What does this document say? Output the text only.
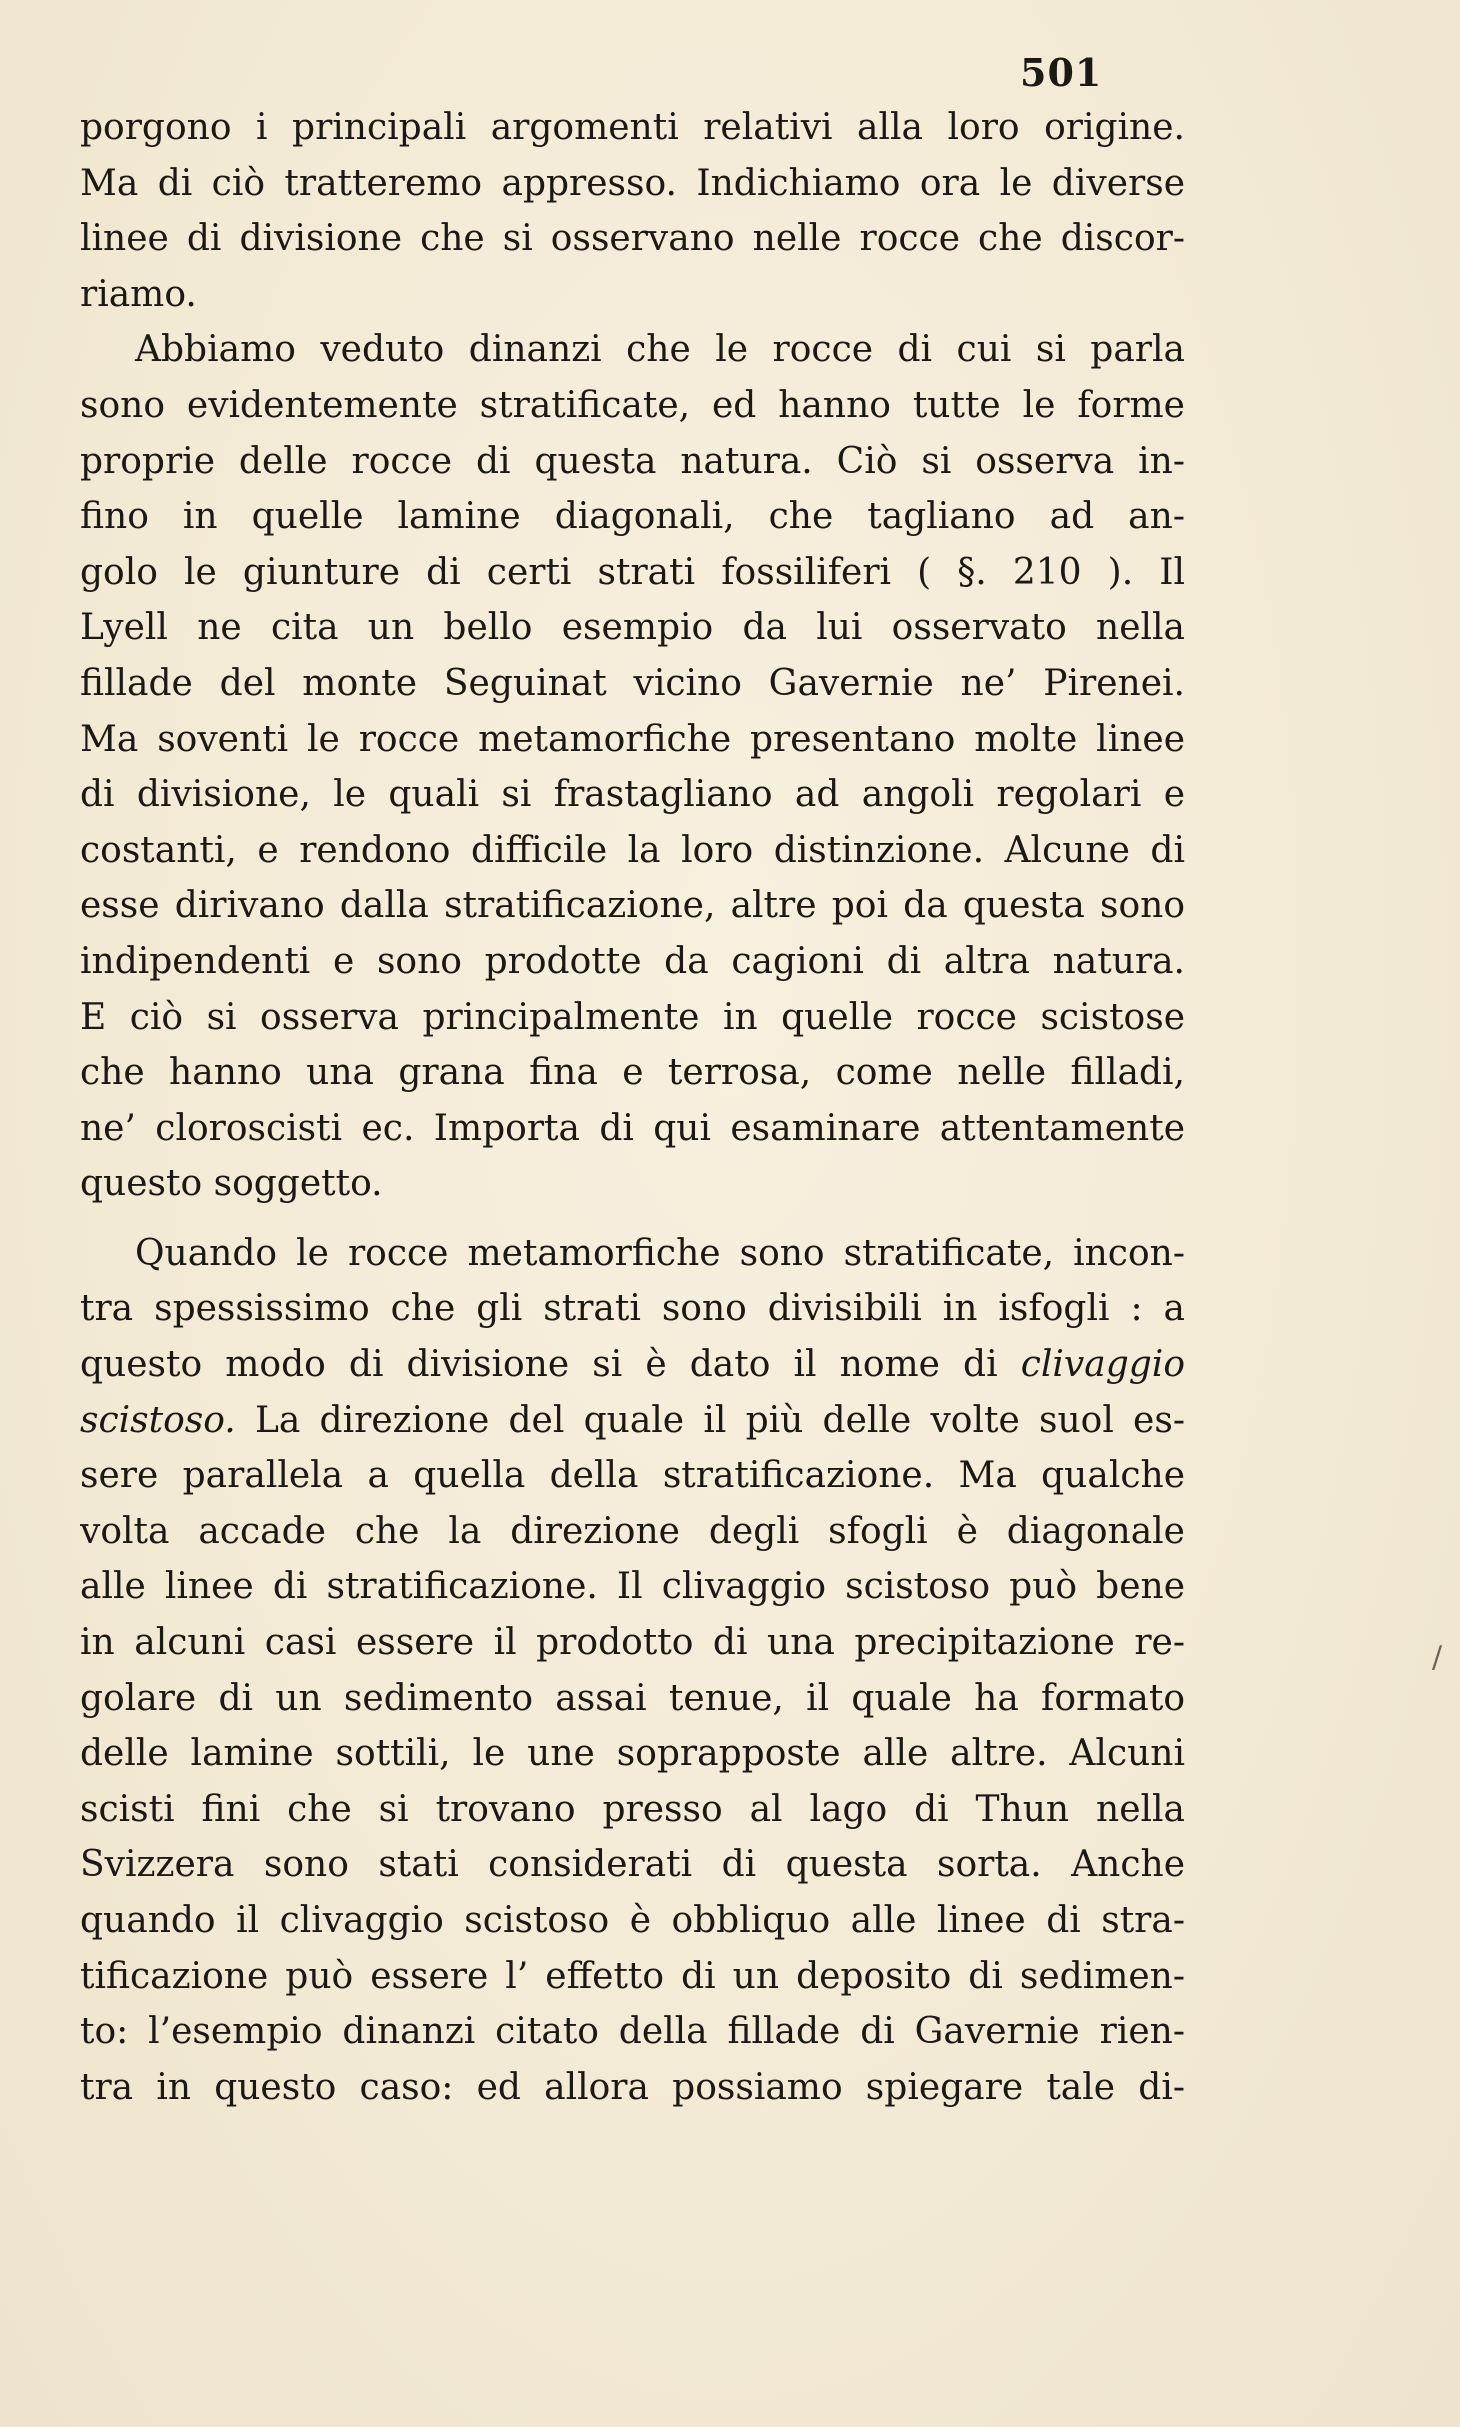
501
porgono i principali argomenti relativi alla loro origine.
Ma di ciò tratteremo appresso. Indichiamo ora le diverse
linee di divisione che si osservano nelle rocce che discor-
riamo.
Abbiamo veduto dinanzi che le rocce di cui si parla
sono evidentemente stratificate, ed hanno tutte le forme
proprie delle rocce di questa natura. Ciò si osserva in-
fino in quelle lamine diagonali, che tagliano ad an-
golo le giunture di certi strati fossiliferi ( §. 210 ). Il
Lyell ne cita un bello esempio da lui osservato nella
fillade del monte Seguinat vicino Gavernie ne’ Pirenei.
Ma soventi le rocce metamorfiche presentano molte linee
di divisione, le quali si frastagliano ad angoli regolari e
costanti, e rendono difficile la loro distinzione. Alcune di
esse dirivano dalla stratificazione, altre poi da questa sono
indipendenti e sono prodotte da cagioni di altra natura.
E ciò si osserva principalmente in quelle rocce scistose
che hanno una grana fina e terrosa, come nelle filladi,
ne’ cloroscisti ec. Importa di qui esaminare attentamente
questo soggetto.
Quando le rocce metamorfiche sono stratificate, incon-
tra spessissimo che gli strati sono divisibili in isfogli : a
questo modo di divisione si è dato il nome di clivaggio
scistoso. La direzione del quale il più delle volte suol es-
sere parallela a quella della stratificazione. Ma qualche
volta accade che la direzione degli sfogli è diagonale
alle linee di stratificazione. Il clivaggio scistoso può bene
in alcuni casi essere il prodotto di una precipitazione re-
golare di un sedimento assai tenue, il quale ha formato
delle lamine sottili, le une soprapposte alle altre. Alcuni
scisti fini che si trovano presso al lago di Thun nella
Svizzera sono stati considerati di questa sorta. Anche
quando il clivaggio scistoso è obbliquo alle linee di stra-
tificazione può essere l’ effetto di un deposito di sedimen-
to: l’esempio dinanzi citato della fillade di Gavernie rien-
tra in questo caso: ed allora possiamo spiegare tale di-
/
